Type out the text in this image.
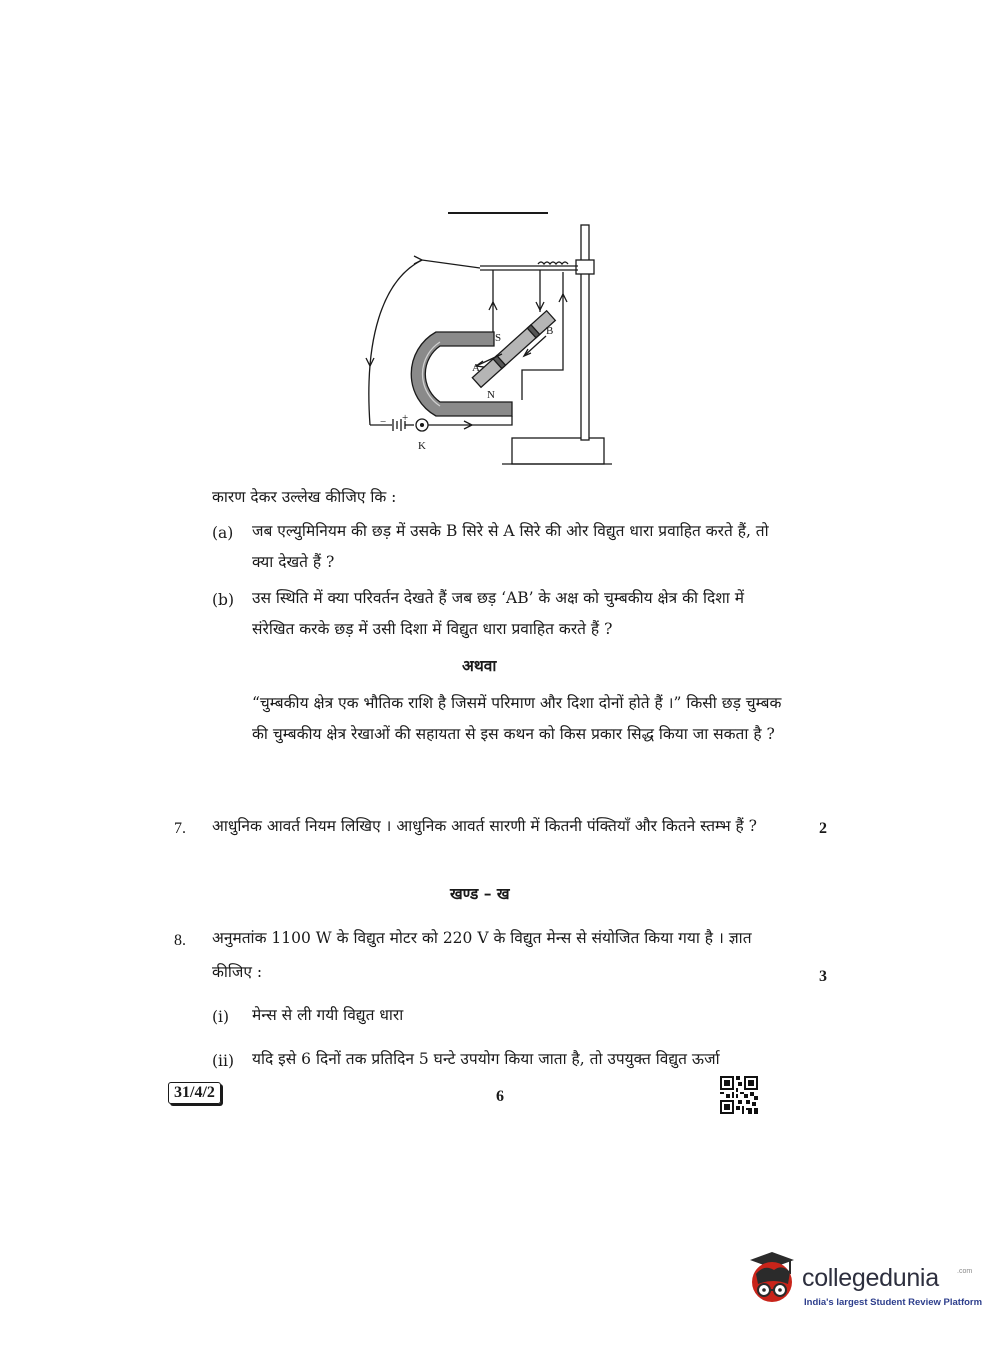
S
N
A
B
K
− +
कारण देकर उल्लेख कीजिए कि :
(a) जब एल्युमिनियम की छड़ में उसके B सिरे से A सिरे की ओर विद्युत धारा प्रवाहित करते हैं, तो
क्या देखते हैं ?
(b) उस स्थिति में क्या परिवर्तन देखते हैं जब छड़ ‘AB’ के अक्ष को चुम्बकीय क्षेत्र की दिशा में
संरेखित करके छड़ में उसी दिशा में विद्युत धारा प्रवाहित करते हैं ?
अथवा
“चुम्बकीय क्षेत्र एक भौतिक राशि है जिसमें परिमाण और दिशा दोनों होते हैं ।” किसी छड़ चुम्बक
की चुम्बकीय क्षेत्र रेखाओं की सहायता से इस कथन को किस प्रकार सिद्ध किया जा सकता है ?
7. आधुनिक आवर्त नियम लिखिए । आधुनिक आवर्त सारणी में कितनी पंक्तियाँ और कितने स्तम्भ हैं ?	2
खण्ड – ख
8. अनुमतांक 1100 W के विद्युत मोटर को 220 V के विद्युत मेन्स से संयोजित किया गया है । ज्ञात
कीजिए :	3
(i) मेन्स से ली गयी विद्युत धारा
(ii) यदि इसे 6 दिनों तक प्रतिदिन 5 घन्टे उपयोग किया जाता है, तो उपयुक्त विद्युत ऊर्जा
31/4/2	6
collegedunia	.com
India's largest Student Review Platform
